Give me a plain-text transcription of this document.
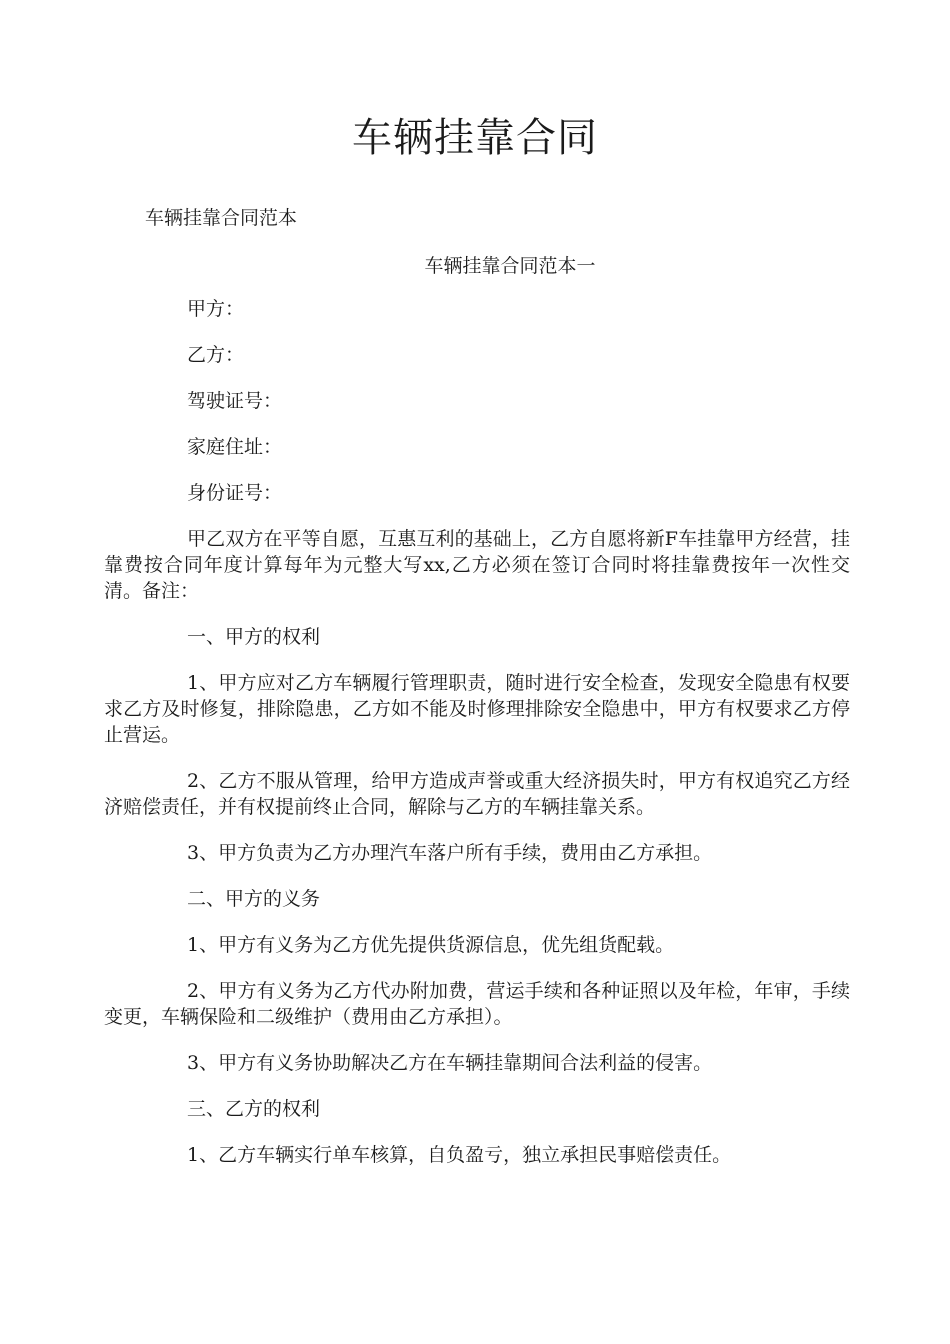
车辆挂靠合同

车辆挂靠合同范本

车辆挂靠合同范本一

甲方：

乙方：

驾驶证号：

家庭住址：

身份证号：

甲乙双方在平等自愿，互惠互利的基础上，乙方自愿将新F车挂靠甲方经营，挂靠费按合同年度计算每年为元整大写xx,乙方必须在签订合同时将挂靠费按年一次性交清。备注：

一、甲方的权利

1、甲方应对乙方车辆履行管理职责，随时进行安全检查，发现安全隐患有权要求乙方及时修复，排除隐患，乙方如不能及时修理排除安全隐患中，甲方有权要求乙方停止营运。

2、乙方不服从管理，给甲方造成声誉或重大经济损失时，甲方有权追究乙方经济赔偿责任，并有权提前终止合同，解除与乙方的车辆挂靠关系。

3、甲方负责为乙方办理汽车落户所有手续，费用由乙方承担。

二、甲方的义务

1、甲方有义务为乙方优先提供货源信息，优先组货配载。

2、甲方有义务为乙方代办附加费，营运手续和各种证照以及年检，年审，手续变更，车辆保险和二级维护（费用由乙方承担）。

3、甲方有义务协助解决乙方在车辆挂靠期间合法利益的侵害。

三、乙方的权利

1、乙方车辆实行单车核算，自负盈亏，独立承担民事赔偿责任。
